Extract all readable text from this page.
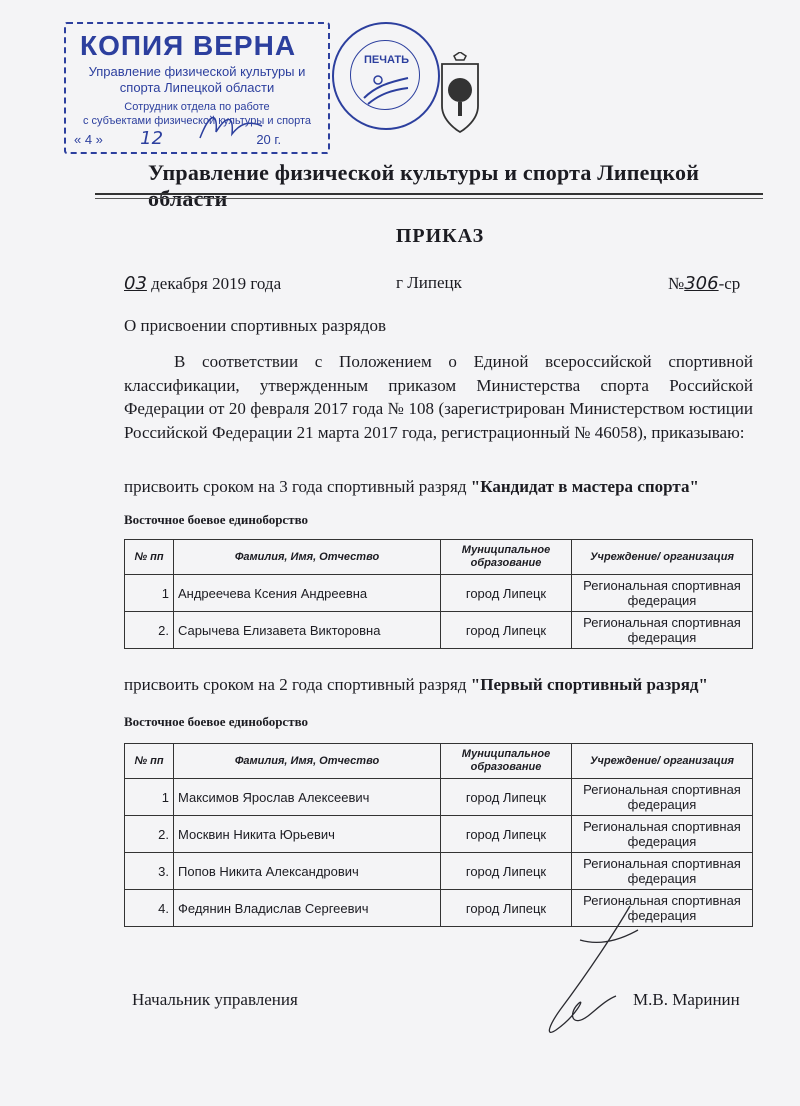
КОПИЯ ВЕРНА
Управление физической культуры и
спорта Липецкой области
Сотрудник отдела по работе
с субъектами физической культуры и спорта
« 4 » 12	20 г.
ПЕЧАТЬ
Управление физической культуры и спорта Липецкой области
ПРИКАЗ
03 декабря 2019 года	г Липецк	№306-ср
О присвоении спортивных разрядов
В соответствии с Положением о Единой всероссийской спортивной классификации, утвержденным приказом Министерства спорта Российской Федерации от 20 февраля 2017 года № 108 (зарегистрирован Министерством юстиции Российской Федерации 21 марта 2017 года, регистрационный № 46058), приказываю:
присвоить сроком на 3 года спортивный разряд "Кандидат в мастера спорта"
Восточное боевое единоборство
№ пп	Фамилия, Имя, Отчество	Муниципальное образование	Учреждение/ организация
1	Андреечева Ксения Андреевна	город Липецк	Региональная спортивная федерация
2.	Сарычева Елизавета Викторовна	город Липецк	Региональная спортивная федерация
присвоить сроком на 2 года спортивный разряд "Первый спортивный разряд"
Восточное боевое единоборство
№ пп	Фамилия, Имя, Отчество	Муниципальное образование	Учреждение/ организация
1	Максимов Ярослав Алексеевич	город Липецк	Региональная спортивная федерация
2.	Москвин Никита Юрьевич	город Липецк	Региональная спортивная федерация
3.	Попов Никита Александрович	город Липецк	Региональная спортивная федерация
4.	Федянин Владислав Сергеевич	город Липецк	Региональная спортивная федерация
Начальник управления	М.В. Маринин
